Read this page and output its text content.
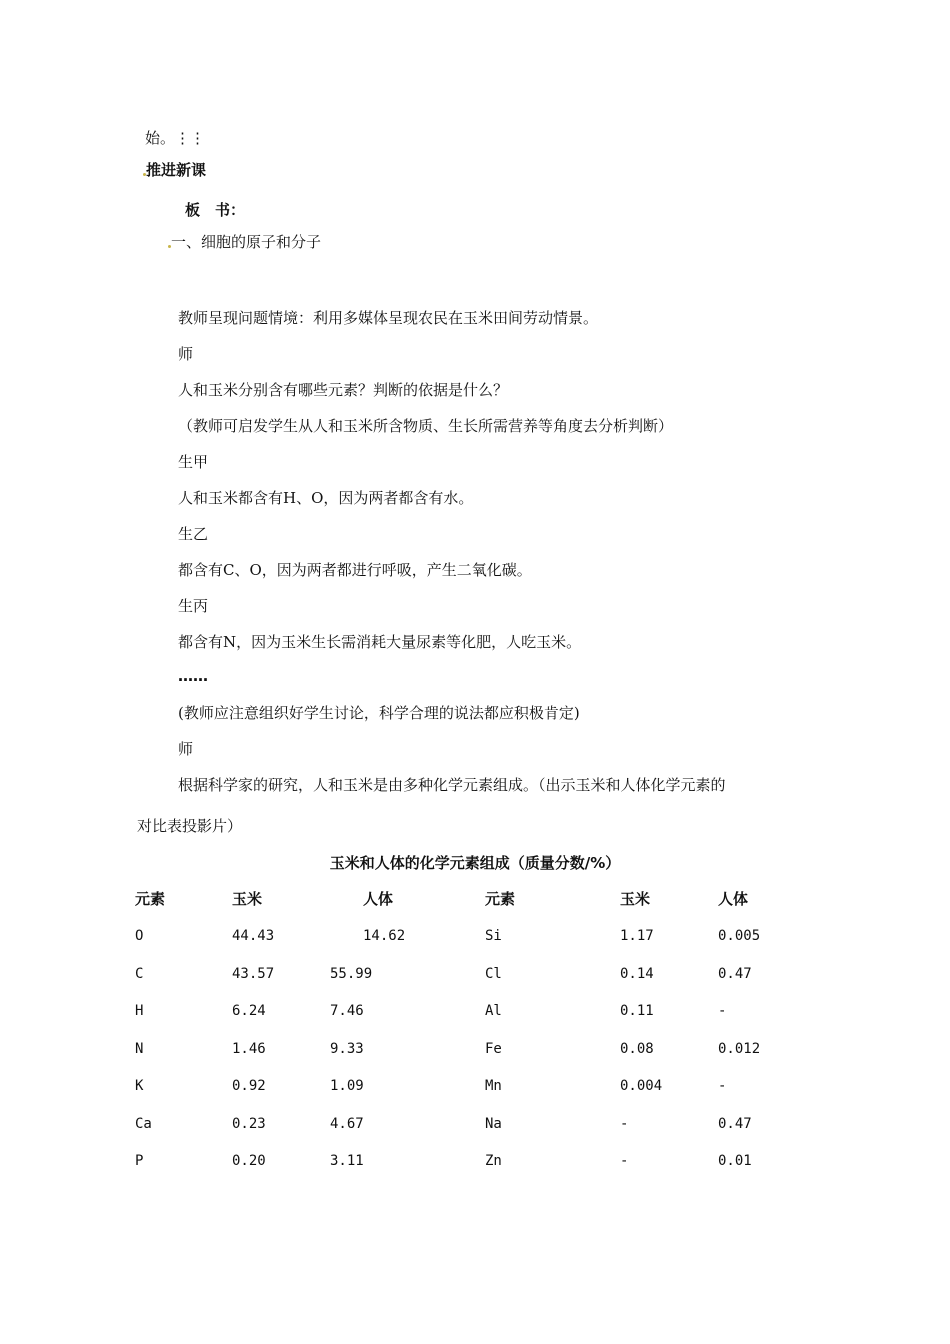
始。⋮⋮
推进新课
板　书：
一、细胞的原子和分子
教师呈现问题情境：利用多媒体呈现农民在玉米田间劳动情景。
师
人和玉米分别含有哪些元素？判断的依据是什么？
（教师可启发学生从人和玉米所含物质、生长所需营养等角度去分析判断）
生甲
人和玉米都含有H、O，因为两者都含有水。
生乙
都含有C、O，因为两者都进行呼吸，产生二氧化碳。
生丙
都含有N，因为玉米生长需消耗大量尿素等化肥，人吃玉米。
……
(教师应注意组织好学生讨论，科学合理的说法都应积极肯定)
师
根据科学家的研究，人和玉米是由多种化学元素组成。（出示玉米和人体化学元素的
对比表投影片）
玉米和人体的化学元素组成（质量分数/%）
元素	玉米	人体	元素	玉米	人体
O	44.43	14.62	Si	1.17	0.005
C	43.57	55.99	Cl	0.14	0.47
H	6.24	7.46	Al	0.11	-
N	1.46	9.33	Fe	0.08	0.012
K	0.92	1.09	Mn	0.004	-
Ca	0.23	4.67	Na	-	0.47
P	0.20	3.11	Zn	-	0.01
